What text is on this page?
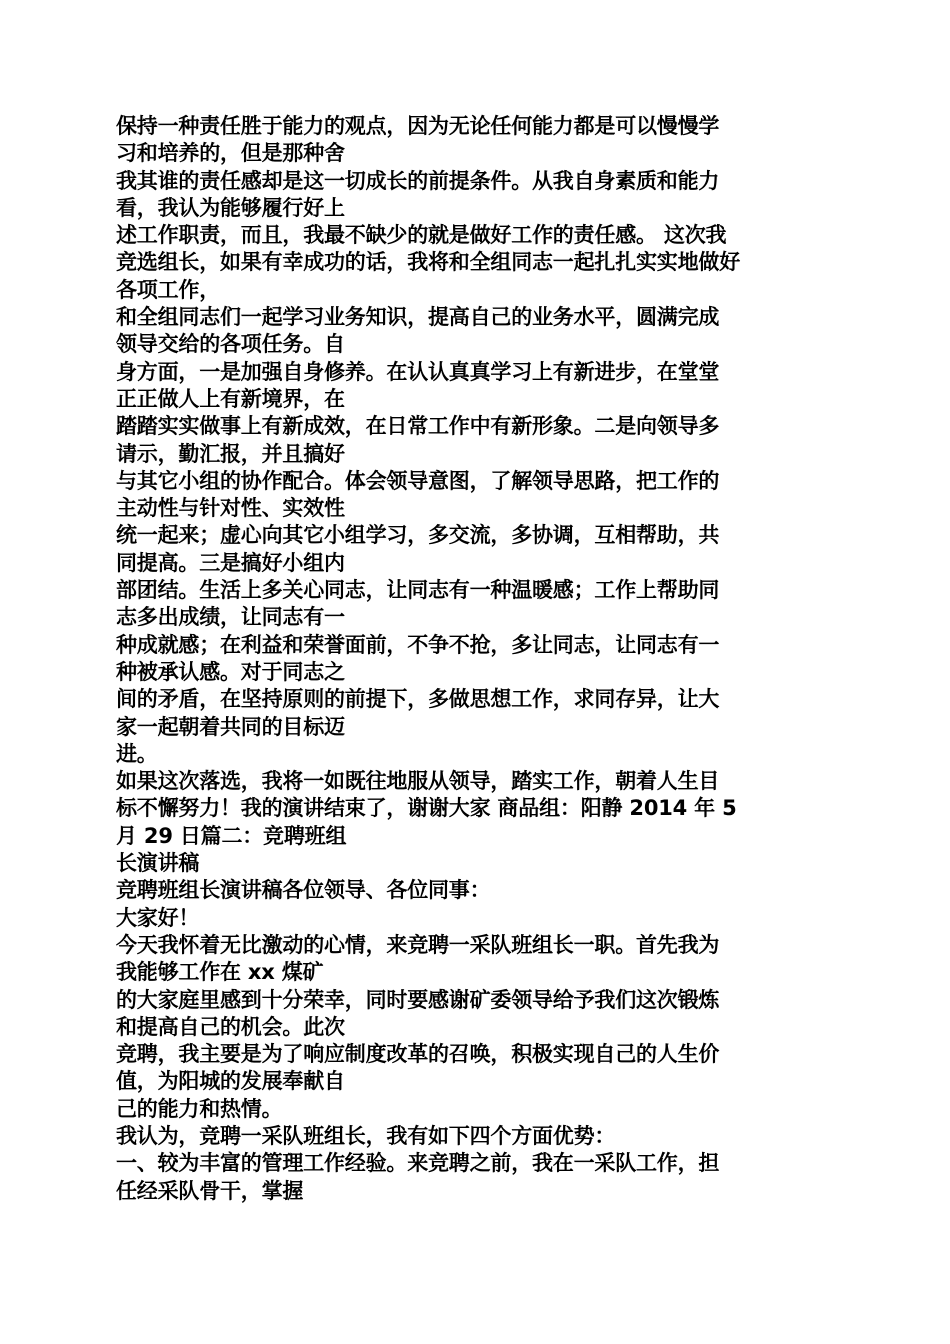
保持一种责任胜于能力的观点，因为无论任何能力都是可以慢慢学
习和培养的，但是那种舍
我其谁的责任感却是这一切成长的前提条件。从我自身素质和能力
看，我认为能够履行好上
述工作职责，而且，我最不缺少的就是做好工作的责任感。 这次我
竞选组长，如果有幸成功的话，我将和全组同志一起扎扎实实地做好
各项工作，
和全组同志们一起学习业务知识，提高自己的业务水平，圆满完成
领导交给的各项任务。自
身方面，一是加强自身修养。在认认真真学习上有新进步，在堂堂
正正做人上有新境界，在
踏踏实实做事上有新成效，在日常工作中有新形象。二是向领导多
请示，勤汇报，并且搞好
与其它小组的协作配合。体会领导意图，了解领导思路，把工作的
主动性与针对性、实效性
统一起来；虚心向其它小组学习，多交流，多协调，互相帮助，共
同提高。三是搞好小组内
部团结。生活上多关心同志，让同志有一种温暖感；工作上帮助同
志多出成绩，让同志有一
种成就感；在利益和荣誉面前，不争不抢，多让同志，让同志有一
种被承认感。对于同志之
间的矛盾，在坚持原则的前提下，多做思想工作，求同存异，让大
家一起朝着共同的目标迈
进。
如果这次落选，我将一如既往地服从领导，踏实工作，朝着人生目
标不懈努力！我的演讲结束了，谢谢大家 商品组：阳静 2014 年 5
月 29 日篇二：竞聘班组
长演讲稿
竞聘班组长演讲稿各位领导、各位同事：
大家好！
今天我怀着无比激动的心情，来竞聘一采队班组长一职。首先我为
我能够工作在 xx 煤矿
的大家庭里感到十分荣幸，同时要感谢矿委领导给予我们这次锻炼
和提高自己的机会。此次
竞聘，我主要是为了响应制度改革的召唤，积极实现自己的人生价
值，为阳城的发展奉献自
己的能力和热情。
我认为，竞聘一采队班组长，我有如下四个方面优势：
一、较为丰富的管理工作经验。来竞聘之前，我在一采队工作，担
任经采队骨干，掌握
